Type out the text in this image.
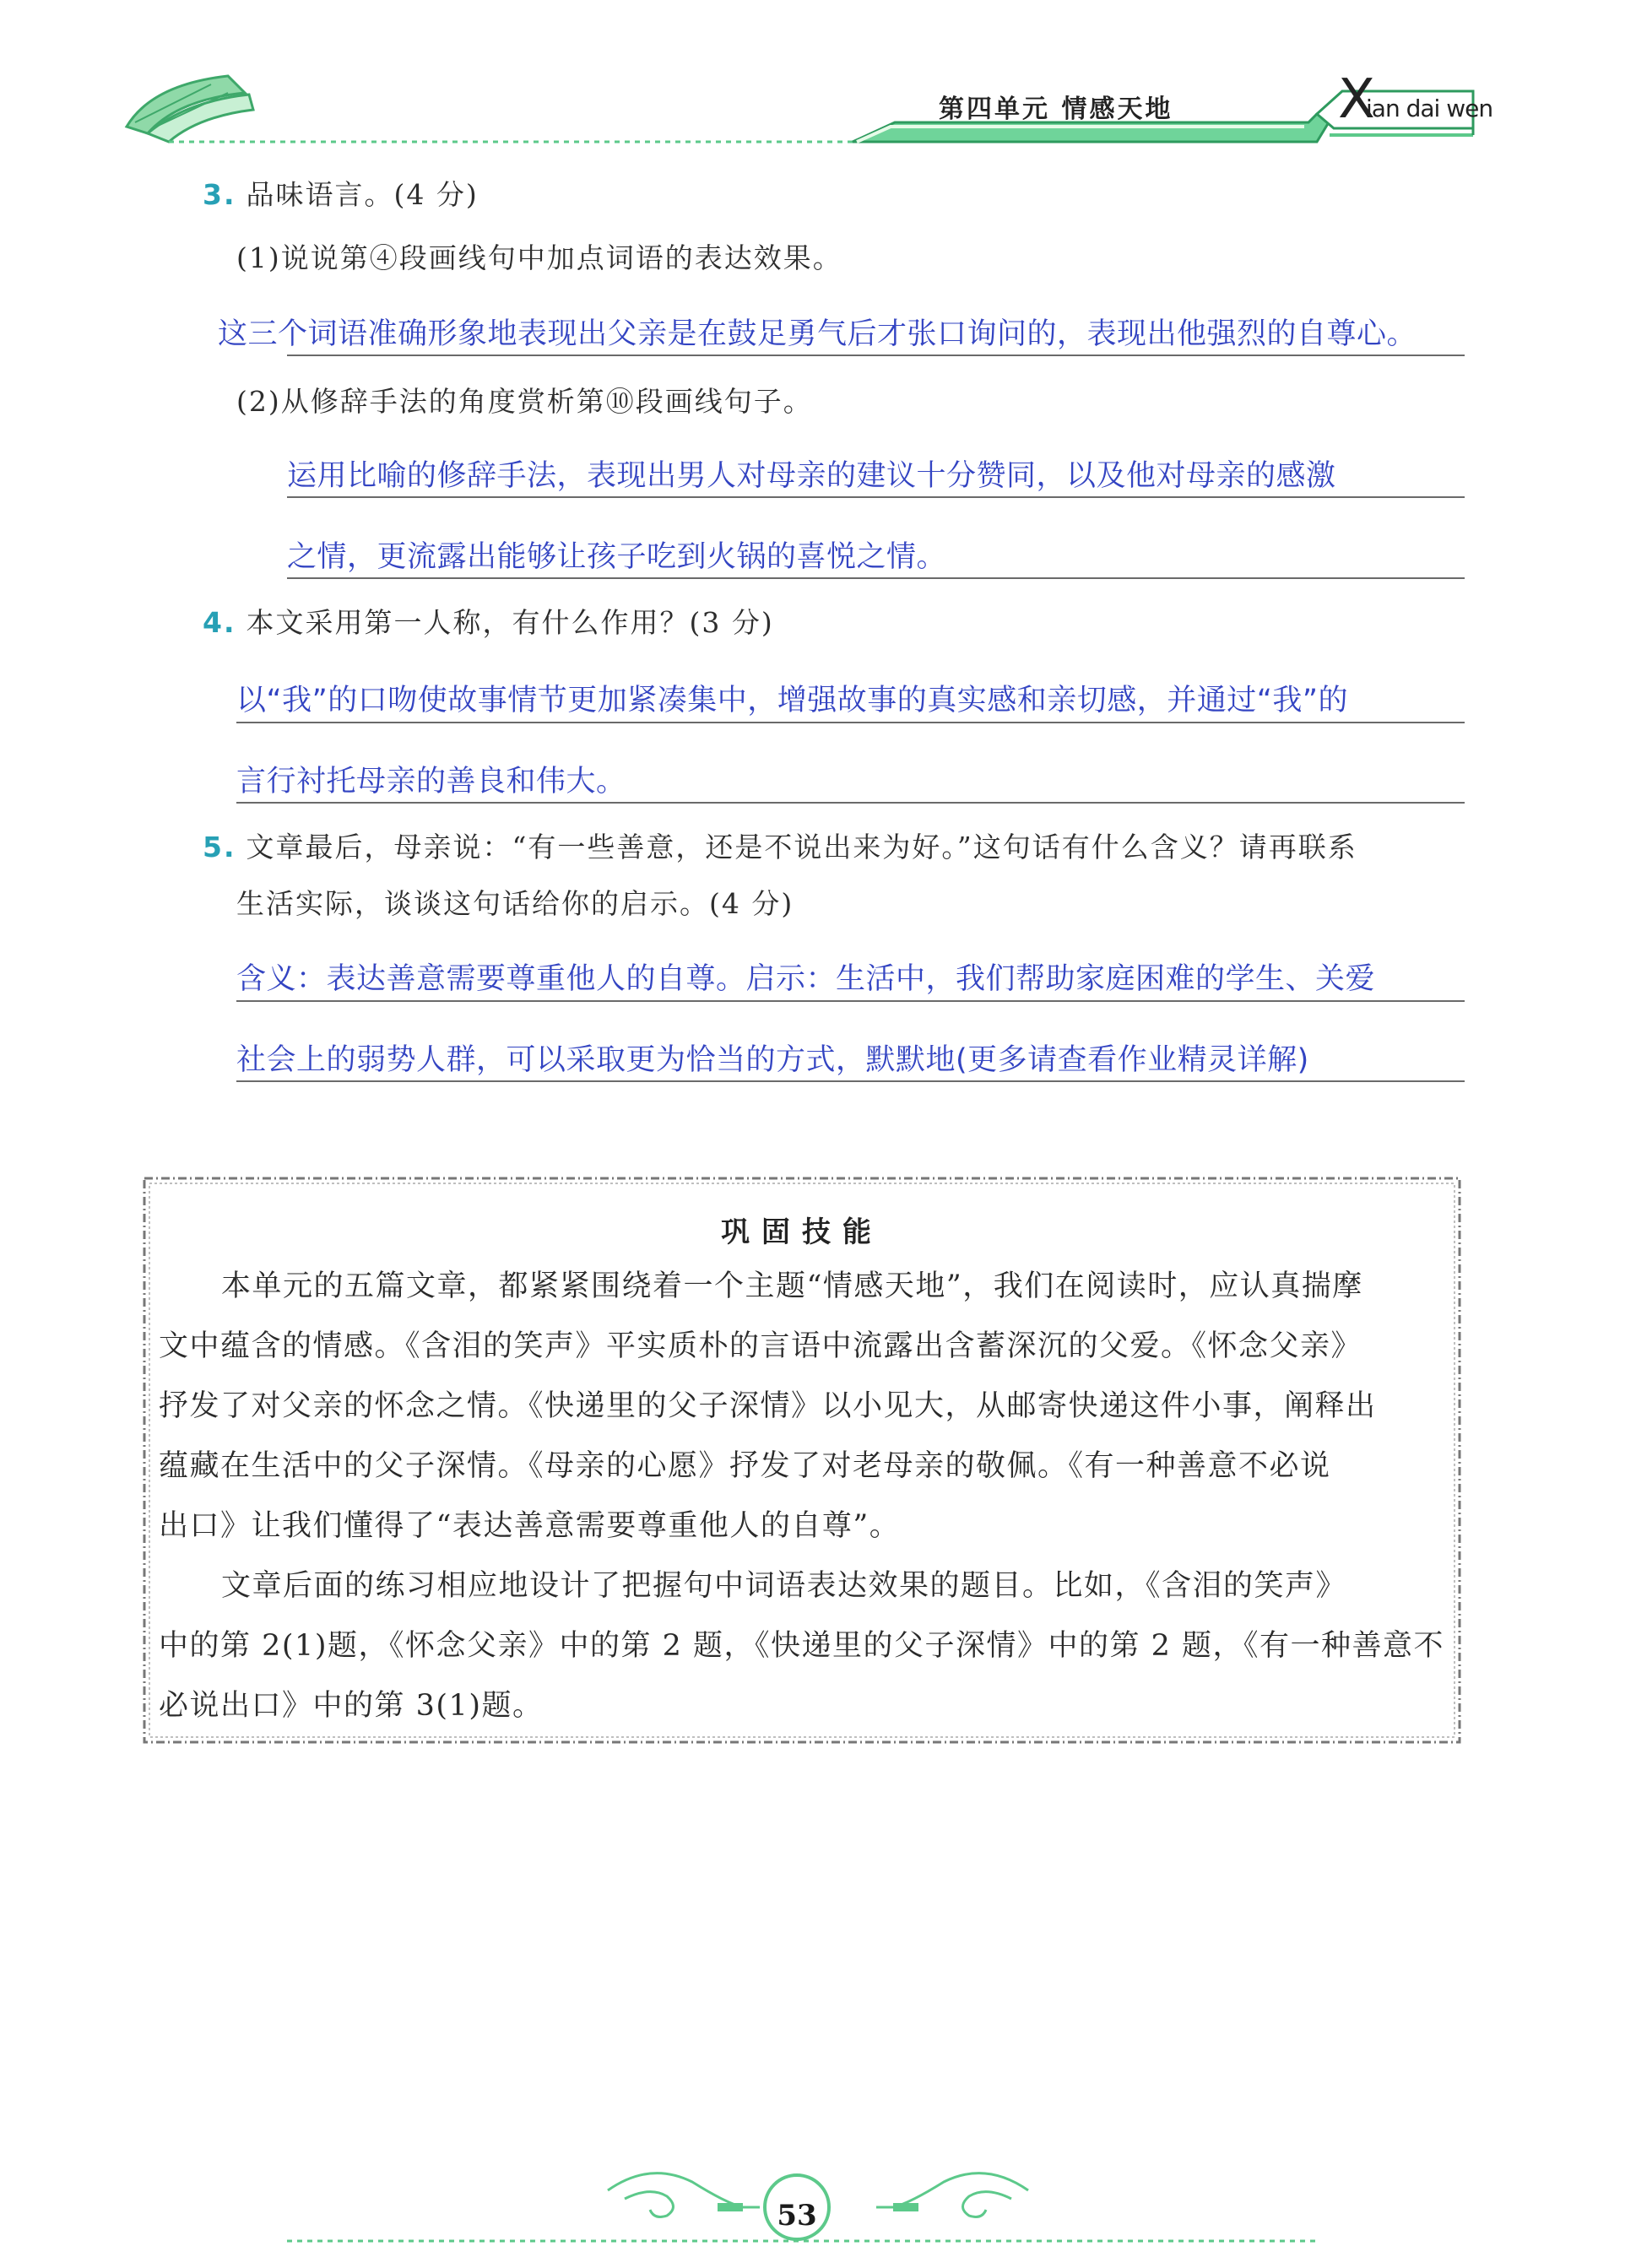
第四单元 情感天地	X
ian dai wen
3. 品味语言。(4 分)
(1)说说第④段画线句中加点词语的表达效果。
这三个词语准确形象地表现出父亲是在鼓足勇气后才张口询问的，表现出他强烈的自尊心。
(2)从修辞手法的角度赏析第⑩段画线句子。
运用比喻的修辞手法，表现出男人对母亲的建议十分赞同，以及他对母亲的感激
之情，更流露出能够让孩子吃到火锅的喜悦之情。
4. 本文采用第一人称，有什么作用？(3 分)
以“我”的口吻使故事情节更加紧凑集中，增强故事的真实感和亲切感，并通过“我”的
言行衬托母亲的善良和伟大。
5. 文章最后，母亲说：“有一些善意，还是不说出来为好。”这句话有什么含义？请再联系
生活实际，谈谈这句话给你的启示。(4 分)
含义：表达善意需要尊重他人的自尊。启示：生活中，我们帮助家庭困难的学生、关爱
社会上的弱势人群，可以采取更为恰当的方式，默默地(更多请查看作业精灵详解)
巩固技能
本单元的五篇文章，都紧紧围绕着一个主题“情感天地”，我们在阅读时，应认真揣摩
文中蕴含的情感。《含泪的笑声》平实质朴的言语中流露出含蓄深沉的父爱。《怀念父亲》
抒发了对父亲的怀念之情。《快递里的父子深情》以小见大，从邮寄快递这件小事，阐释出
蕴藏在生活中的父子深情。《母亲的心愿》抒发了对老母亲的敬佩。《有一种善意不必说
出口》让我们懂得了“表达善意需要尊重他人的自尊”。
文章后面的练习相应地设计了把握句中词语表达效果的题目。比如，《含泪的笑声》
中的第 2(1)题，《怀念父亲》中的第 2 题，《快递里的父子深情》中的第 2 题，《有一种善意不
必说出口》中的第 3(1)题。
53
